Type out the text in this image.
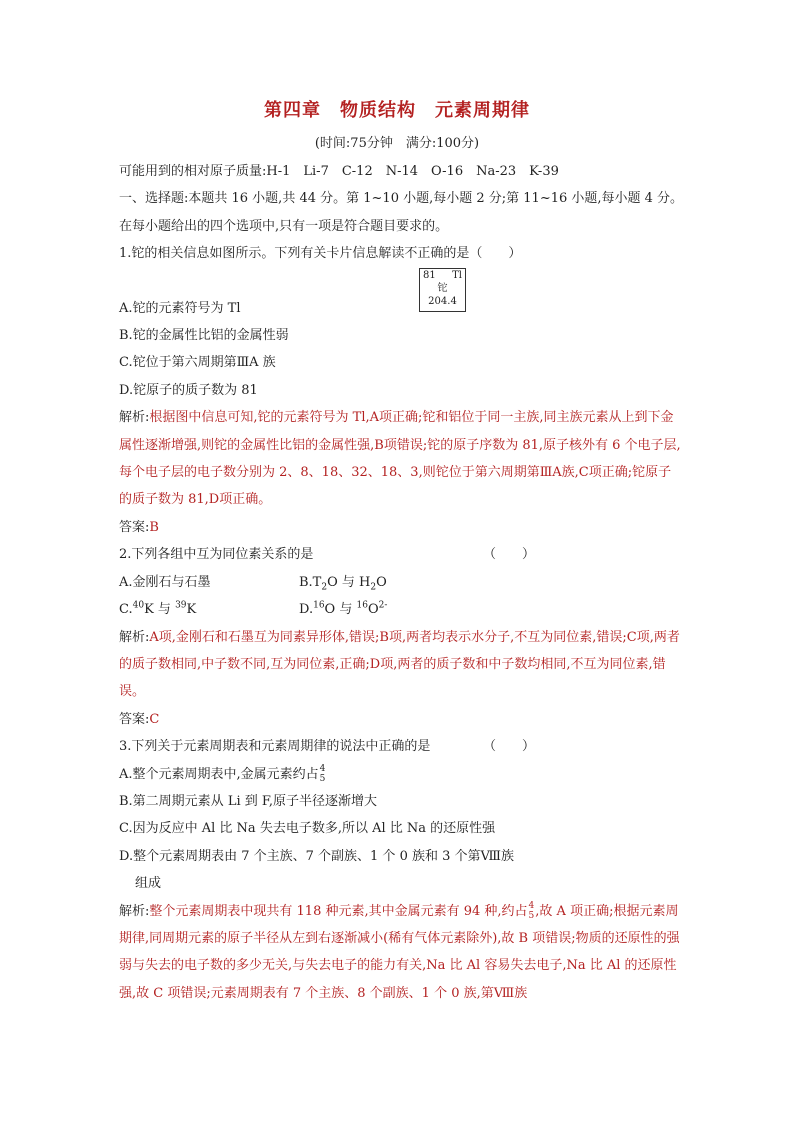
第四章　物质结构　元素周期律
(时间:75分钟　满分:100分)
81 Tl
铊
204.4

可能用到的相对原子质量:H-1　Li-7　C-12　N-14　O-16　Na-23　K-39

一、选择题:本题共 16 小题,共 44 分。第 1~10 小题,每小题 2 分;第 11~16 小题,每小题 4 分。

在每小题给出的四个选项中,只有一项是符合题目要求的。

1.铊的相关信息如图所示。下列有关卡片信息解读不正确的是（　　）

A.铊的元素符号为 Tl

B.铊的金属性比铝的金属性弱

C.铊位于第六周期第ⅢA 族

D.铊原子的质子数为 81

解析:根据图中信息可知,铊的元素符号为 Tl,A项正确;铊和铝位于同一主族,同主族元素从上到下金属性逐渐增强,则铊的金属性比铝的金属性强,B项错误;铊的原子序数为 81,原子核外有 6 个电子层,每个电子层的电子数分别为 2、8、18、32、18、3,则铊位于第六周期第ⅢA族,C项正确;铊原子的质子数为 81,D项正确。

答案:B

2.下列各组中互为同位素关系的是	（　　）

A.金刚石与石墨	$B.T_2O$ 与 $H_2O$

C.$^{40}$K 与 $^{39}$K	D.$^{16}$O 与 $^{16}O^{2-}$

解析:A项,金刚石和石墨互为同素异形体,错误;B项,两者均表示水分子,不互为同位素,错误;C项,两者的质子数相同,中子数不同,互为同位素,正确;D项,两者的质子数和中子数均相同,不互为同位素,错误。

答案:C

3.下列关于元素周期表和元素周期律的说法中正确的是	（　　）

A.整个元素周期表中,金属元素约占 4
5

B.第二周期元素从 Li 到 F,原子半径逐渐增大

C.因为反应中 Al 比 Na 失去电子数多,所以 Al 比 Na 的还原性强

D.整个元素周期表由 7 个主族、7 个副族、1 个 0 族和 3 个第Ⅷ族

组成

解析:整个元素周期表中现共有 118 种元素,其中金属元素有 94 种,约占 4
5 ,故 A 项正确;根据元素周期律,同周期元素的原子半径从左到右逐渐减小(稀有气体元素除外),故 B 项错误;物质的还原性的强弱与失去的电子数的多少无关,与失去电子的能力有关,Na 比 Al 容易失去电子,Na 比 Al 的还原性强,故 C 项错误;元素周期表有 7 个主族、8 个副族、1 个 0 族,第Ⅷ族
